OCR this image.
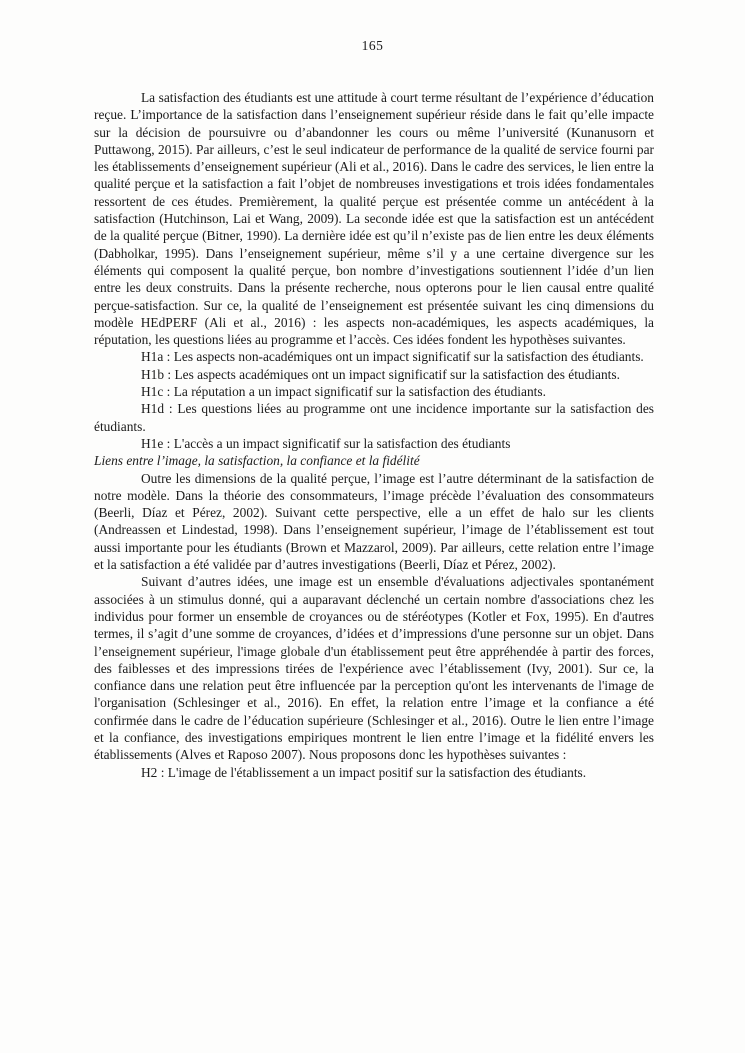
165

La satisfaction des étudiants est une attitude à court terme résultant de l’expérience d’éducation reçue. L’importance de la satisfaction dans l’enseignement supérieur réside dans le fait qu’elle impacte sur la décision de poursuivre ou d’abandonner les cours ou même l’université (Kunanusorn et Puttawong, 2015). Par ailleurs, c’est le seul indicateur de performance de la qualité de service fourni par les établissements d’enseignement supérieur (Ali et al., 2016). Dans le cadre des services, le lien entre la qualité perçue et la satisfaction a fait l’objet de nombreuses investigations et trois idées fondamentales ressortent de ces études. Premièrement, la qualité perçue est présentée comme un antécédent à la satisfaction (Hutchinson, Lai et Wang, 2009). La seconde idée est que la satisfaction est un antécédent de la qualité perçue (Bitner, 1990). La dernière idée est qu’il n’existe pas de lien entre les deux éléments (Dabholkar, 1995). Dans l’enseignement supérieur, même s’il y a une certaine divergence sur les éléments qui composent la qualité perçue, bon nombre d’investigations soutiennent l’idée d’un lien entre les deux construits. Dans la présente recherche, nous opterons pour le lien causal entre qualité perçue-satisfaction. Sur ce, la qualité de l’enseignement est présentée suivant les cinq dimensions du modèle HEdPERF (Ali et al., 2016) : les aspects non-académiques, les aspects académiques, la réputation, les questions liées au programme et l’accès. Ces idées fondent les hypothèses suivantes.

H1a : Les aspects non-académiques ont un impact significatif sur la satisfaction des étudiants.

H1b : Les aspects académiques ont un impact significatif sur la satisfaction des étudiants.

H1c : La réputation a un impact significatif sur la satisfaction des étudiants.

H1d : Les questions liées au programme ont une incidence importante sur la satisfaction des étudiants.

H1e : L'accès a un impact significatif sur la satisfaction des étudiants

Liens entre l’image, la satisfaction, la confiance et la fidélité

Outre les dimensions de la qualité perçue, l’image est l’autre déterminant de la satisfaction de notre modèle. Dans la théorie des consommateurs, l’image précède l’évaluation des consommateurs (Beerli, Díaz et Pérez, 2002). Suivant cette perspective, elle a un effet de halo sur les clients (Andreassen et Lindestad, 1998). Dans l’enseignement supérieur, l’image de l’établissement est tout aussi importante pour les étudiants (Brown et Mazzarol, 2009). Par ailleurs, cette relation entre l’image et la satisfaction a été validée par d’autres investigations (Beerli, Díaz et Pérez, 2002).

Suivant d’autres idées, une image est un ensemble d'évaluations adjectivales spontanément associées à un stimulus donné, qui a auparavant déclenché un certain nombre d'associations chez les individus pour former un ensemble de croyances ou de stéréotypes (Kotler et Fox, 1995). En d'autres termes, il s’agit d’une somme de croyances, d’idées et d’impressions d'une personne sur un objet. Dans l’enseignement supérieur, l'image globale d'un établissement peut être appréhendée à partir des forces, des faiblesses et des impressions tirées de l'expérience avec l’établissement (Ivy, 2001). Sur ce, la confiance dans une relation peut être influencée par la perception qu'ont les intervenants de l'image de l'organisation (Schlesinger et al., 2016). En effet, la relation entre l’image et la confiance a été confirmée dans le cadre de l’éducation supérieure (Schlesinger et al., 2016). Outre le lien entre l’image et la confiance, des investigations empiriques montrent le lien entre l’image et la fidélité envers les établissements (Alves et Raposo 2007). Nous proposons donc les hypothèses suivantes :

H2 : L'image de l'établissement a un impact positif sur la satisfaction des étudiants.
